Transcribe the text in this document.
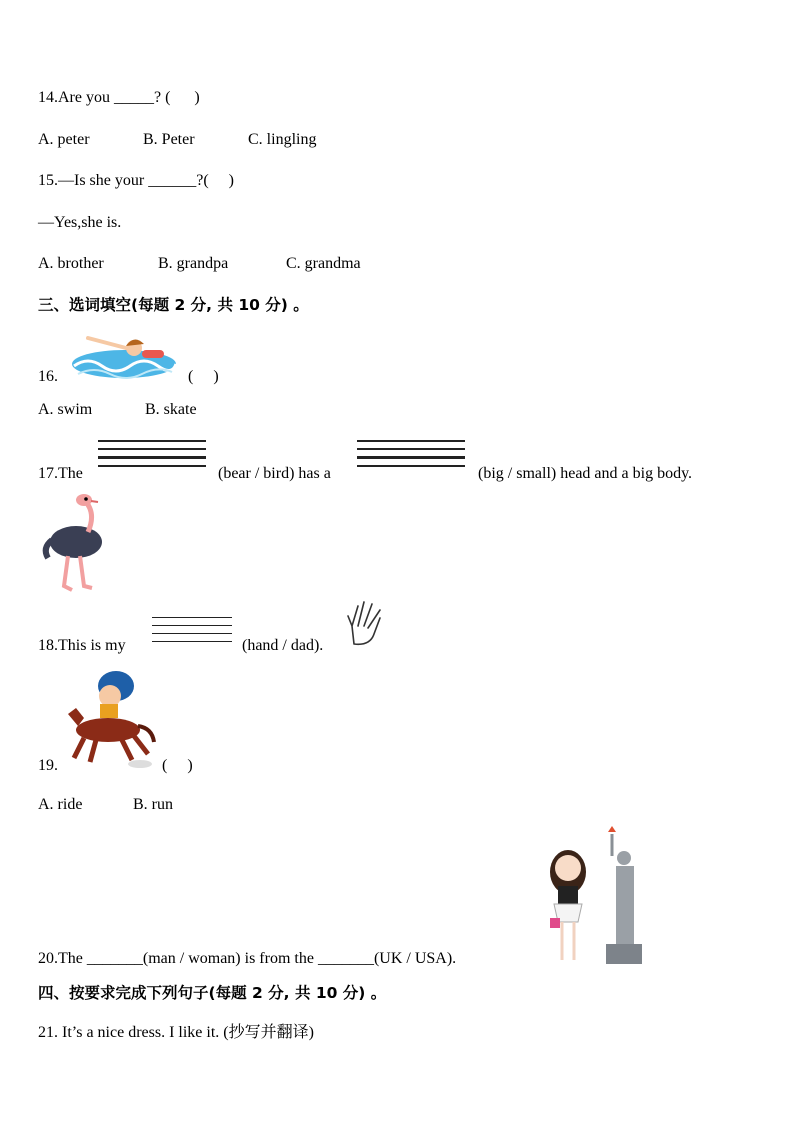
14.Are you _____? (      )
A. peter	B. Peter	C. lingling
15.—Is she your ______?(     )
—Yes,she is.
A. brother	B. grandpa	C. grandma
三、选词填空(每题 2 分, 共 10 分) 。
16.	(     )
A. swim	B. skate
17.The	(bear / bird) has a	(big / small) head and a big body.
18.This is my	(hand / dad).
19.	(     )
A. ride	B. run
20.The _______(man / woman) is from the _______(UK / USA).
四、按要求完成下列句子(每题 2 分, 共 10 分) 。
21. It’s a nice dress. I like it. (抄写并翻译)
